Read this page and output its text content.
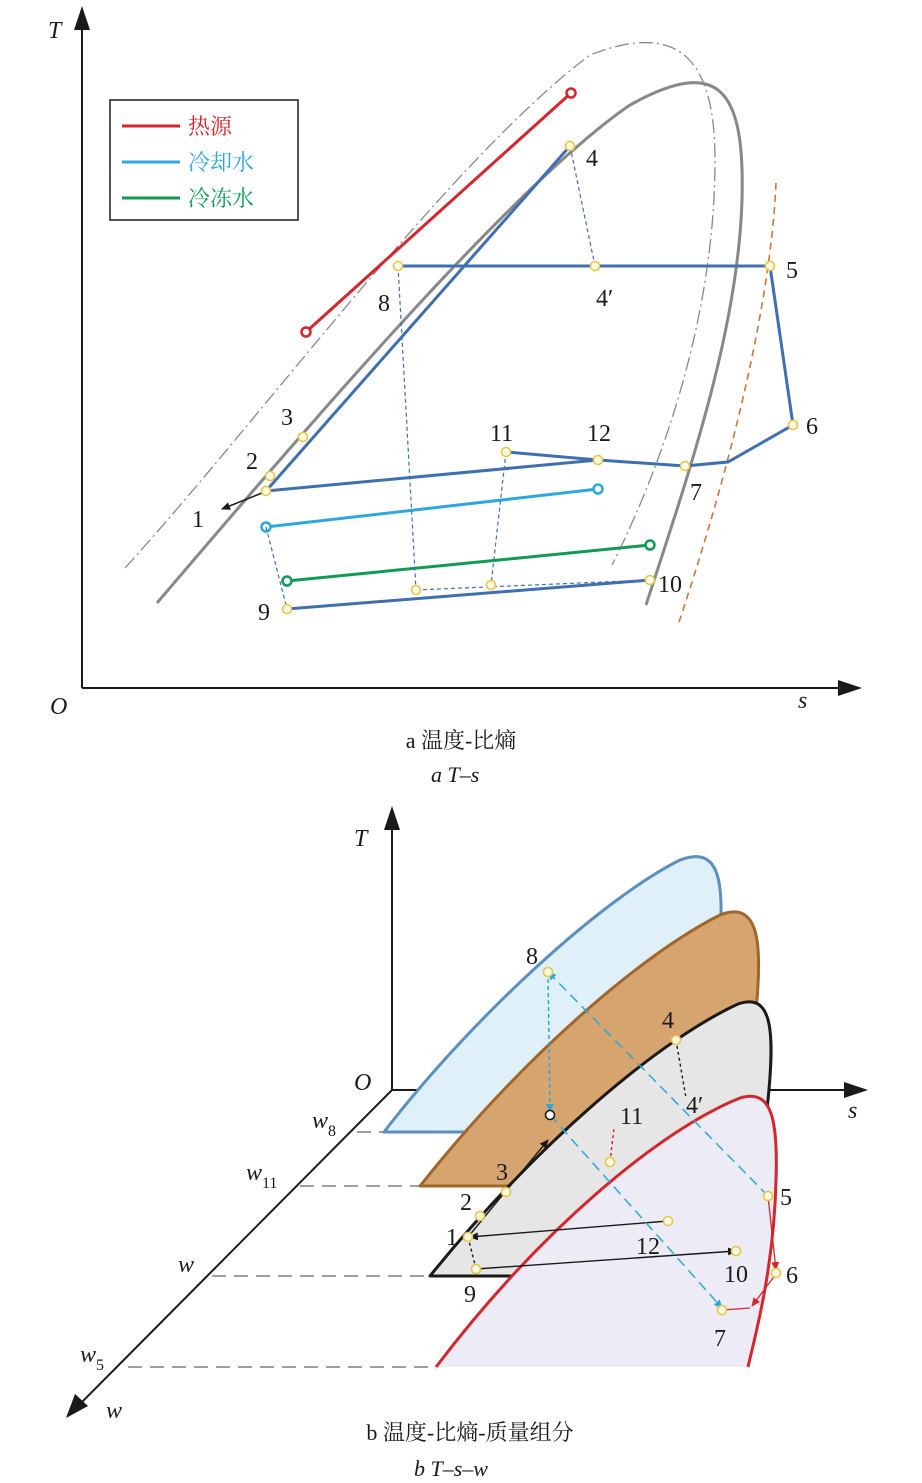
T
s
O
热源
冷却水
冷冻水
1
2
3
4
4′
5
6
7
8
9
10
11	12
a 温度-比熵
a T–s
T
s
O
w
$w_8$
$w_{11}$
w
$w_5$
1
2
3
4
4′
5
6
7
8
9
10
11
12
b 温度-比熵-质量组分
b T–s–w
